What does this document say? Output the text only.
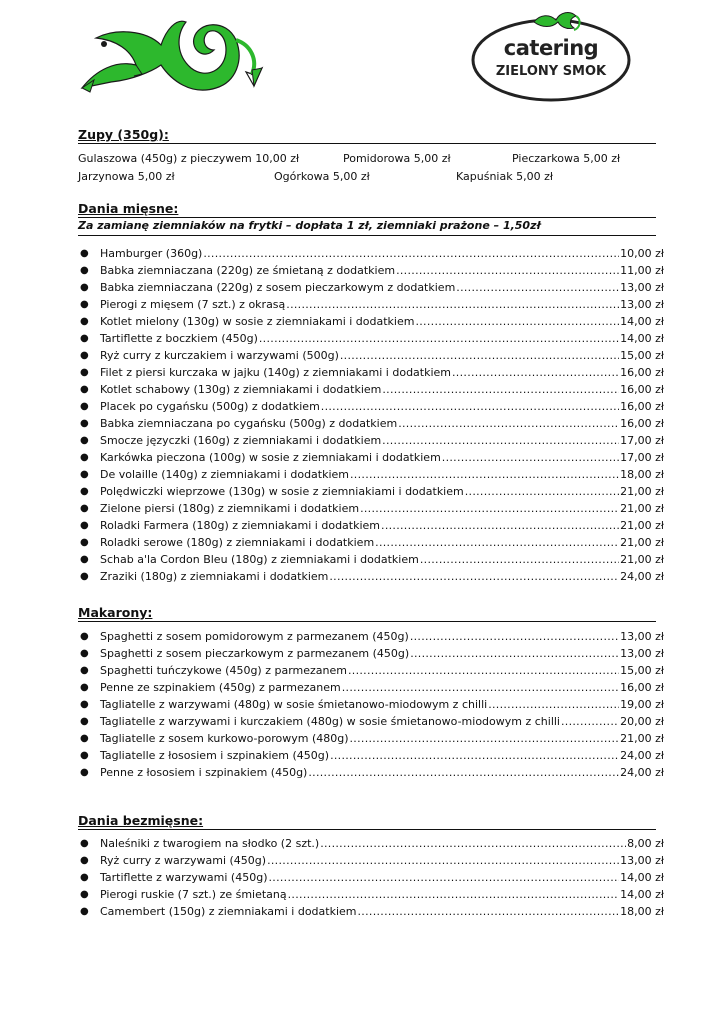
catering
ZIELONY SMOK
Zupy (350g):
Gulaszowa (450g) z pieczywem 10,00 zł	Pomidorowa 5,00 zł	Pieczarkowa 5,00 zł
Jarzynowa 5,00 zł	Ogórkowa 5,00 zł	Kapuśniak 5,00 zł
Dania mięsne:
Za zamianę ziemniaków na frytki – dopłata 1 zł, ziemniaki prażone – 1,50zł
● Hamburger (360g) .....	10,00 zł
● Babka ziemniaczana (220g) ze śmietaną z dodatkiem .....	11,00 zł
● Babka ziemniaczana (220g) z sosem pieczarkowym z dodatkiem .....	13,00 zł
● Pierogi z mięsem (7 szt.) z okrasą .....	13,00 zł
● Kotlet mielony (130g) w sosie z ziemniakami i dodatkiem .....	14,00 zł
● Tartiflette z boczkiem (450g) .....	14,00 zł
● Ryż curry z kurczakiem i warzywami (500g) .....	15,00 zł
● Filet z piersi kurczaka w jajku (140g) z ziemniakami i dodatkiem .....	16,00 zł
● Kotlet schabowy (130g) z ziemniakami i dodatkiem .....	16,00 zł
● Placek po cygańsku (500g) z dodatkiem .....	16,00 zł
● Babka ziemniaczana po cygańsku (500g) z dodatkiem .....	16,00 zł
● Smocze języczki (160g) z ziemniakami i dodatkiem .....	17,00 zł
● Karkówka pieczona (100g) w sosie z ziemniakami i dodatkiem .....	17,00 zł
● De volaille (140g) z ziemniakami i dodatkiem .....	18,00 zł
● Polędwiczki wieprzowe (130g) w sosie z ziemniakiami i dodatkiem .....	21,00 zł
● Zielone piersi (180g) z ziemnikami i dodatkiem .....	21,00 zł
● Roladki Farmera (180g) z ziemniakami i dodatkiem .....	21,00 zł
● Roladki serowe (180g) z ziemniakami i dodatkiem .....	21,00 zł
● Schab a'la Cordon Bleu (180g) z ziemniakami i dodatkiem .....	21,00 zł
● Zraziki (180g) z ziemniakami i dodatkiem .....	24,00 zł
Makarony:
● Spaghetti z sosem pomidorowym z parmezanem (450g) .....	13,00 zł
● Spaghetti z sosem pieczarkowym z parmezanem (450g) .....	13,00 zł
● Spaghetti tuńczykowe (450g) z parmezanem .....	15,00 zł
● Penne ze szpinakiem (450g) z parmezanem .....	16,00 zł
● Tagliatelle z warzywami (480g) w sosie śmietanowo-miodowym z chilli .....	19,00 zł
● Tagliatelle z warzywami i kurczakiem (480g) w sosie śmietanowo-miodowym z chilli .....	20,00 zł
● Tagliatelle z sosem kurkowo-porowym (480g) .....	21,00 zł
● Tagliatelle z łososiem i szpinakiem (450g) .....	24,00 zł
● Penne z łososiem i szpinakiem (450g) .....	24,00 zł
Dania bezmięsne:
● Naleśniki z twarogiem na słodko (2 szt.) .....	8,00 zł
● Ryż curry z warzywami (450g) .....	13,00 zł
● Tartiflette z warzywami (450g) .....	14,00 zł
● Pierogi ruskie (7 szt.) ze śmietaną .....	14,00 zł
● Camembert (150g) z ziemniakami i dodatkiem .....	18,00 zł
